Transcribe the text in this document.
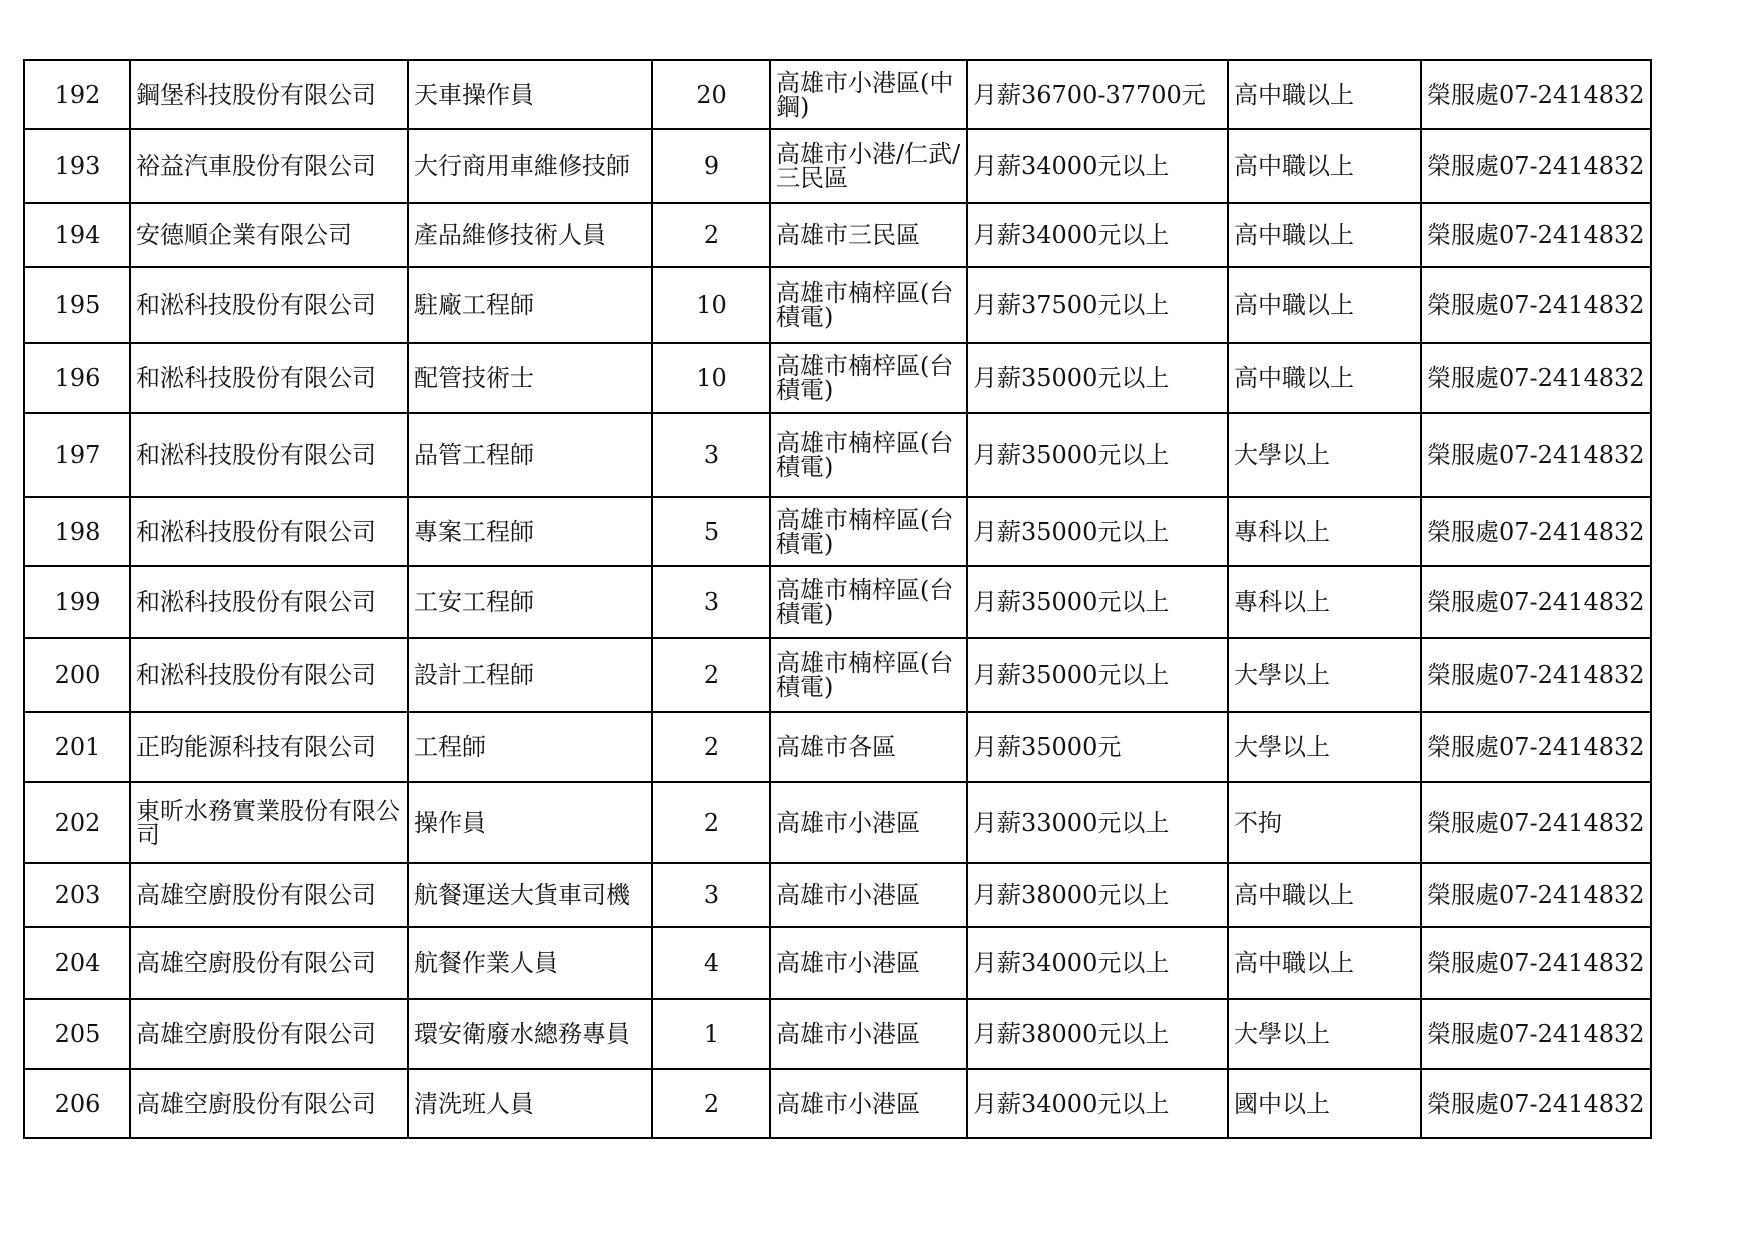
192	鋼堡科技股份有限公司	天車操作員	20	高雄市小港區(中鋼)	月薪36700-37700元	高中職以上	榮服處07-2414832
193	裕益汽車股份有限公司	大行商用車維修技師	9	高雄市小港/仁武/三民區	月薪34000元以上	高中職以上	榮服處07-2414832
194	安德順企業有限公司	產品維修技術人員	2	高雄市三民區	月薪34000元以上	高中職以上	榮服處07-2414832
195	和淞科技股份有限公司	駐廠工程師	10	高雄市楠梓區(台積電)	月薪37500元以上	高中職以上	榮服處07-2414832
196	和淞科技股份有限公司	配管技術士	10	高雄市楠梓區(台積電)	月薪35000元以上	高中職以上	榮服處07-2414832
197	和淞科技股份有限公司	品管工程師	3	高雄市楠梓區(台積電)	月薪35000元以上	大學以上	榮服處07-2414832
198	和淞科技股份有限公司	專案工程師	5	高雄市楠梓區(台積電)	月薪35000元以上	專科以上	榮服處07-2414832
199	和淞科技股份有限公司	工安工程師	3	高雄市楠梓區(台積電)	月薪35000元以上	專科以上	榮服處07-2414832
200	和淞科技股份有限公司	設計工程師	2	高雄市楠梓區(台積電)	月薪35000元以上	大學以上	榮服處07-2414832
201	正昀能源科技有限公司	工程師	2	高雄市各區	月薪35000元	大學以上	榮服處07-2414832
202	東昕水務實業股份有限公司	操作員	2	高雄市小港區	月薪33000元以上	不拘	榮服處07-2414832
203	高雄空廚股份有限公司	航餐運送大貨車司機	3	高雄市小港區	月薪38000元以上	高中職以上	榮服處07-2414832
204	高雄空廚股份有限公司	航餐作業人員	4	高雄市小港區	月薪34000元以上	高中職以上	榮服處07-2414832
205	高雄空廚股份有限公司	環安衛廢水總務專員	1	高雄市小港區	月薪38000元以上	大學以上	榮服處07-2414832
206	高雄空廚股份有限公司	清洗班人員	2	高雄市小港區	月薪34000元以上	國中以上	榮服處07-2414832
